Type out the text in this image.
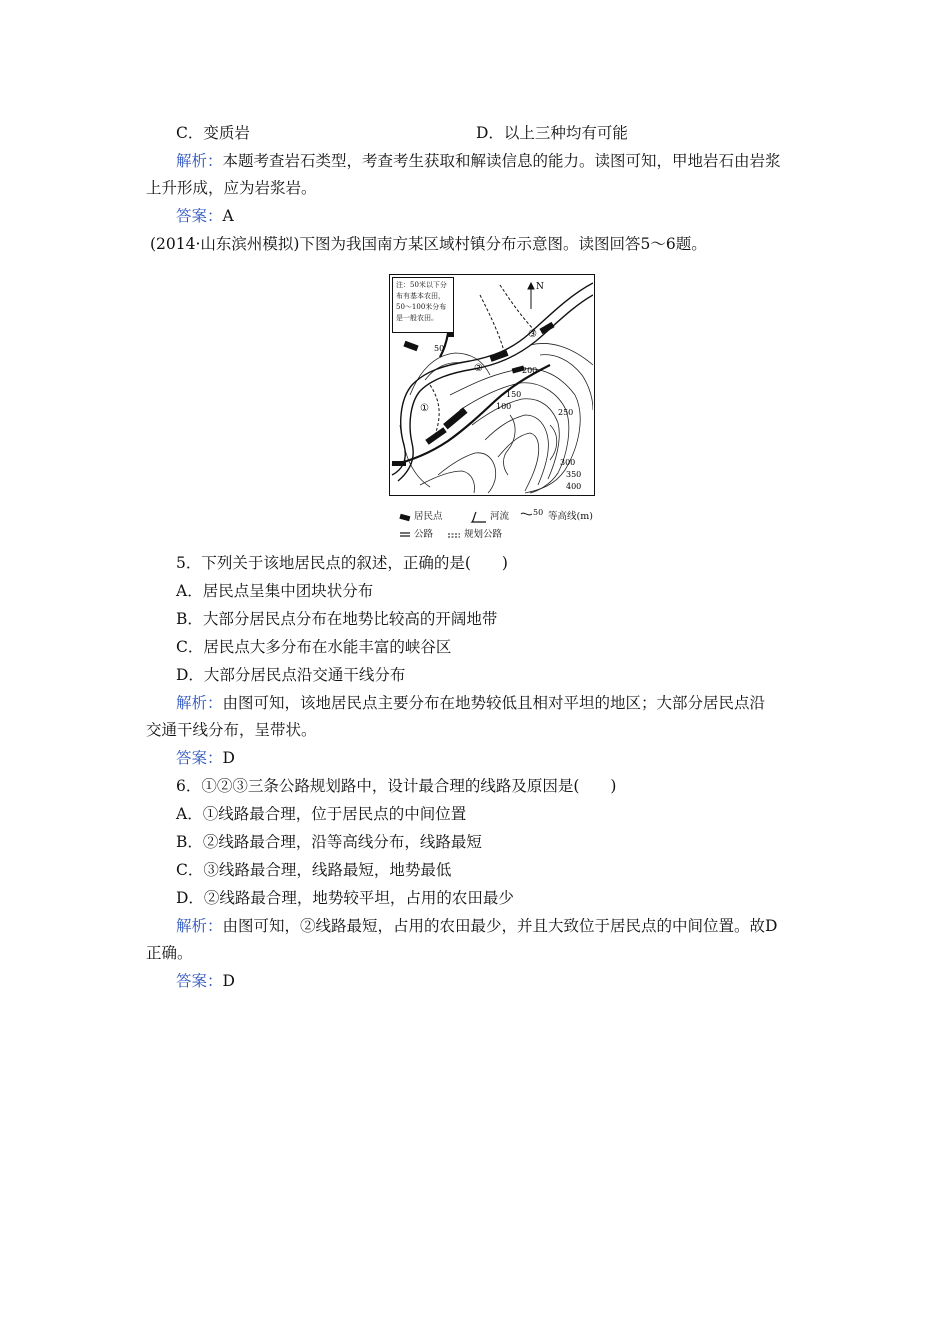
C．变质岩	D．以上三种均有可能
解析：本题考查岩石类型，考查考生获取和解读信息的能力。读图可知，甲地岩石由岩浆
上升形成，应为岩浆岩。
答案：A
(2014·山东滨州模拟)下图为我国南方某区域村镇分布示意图。读图回答5～6题。
N
①
②
③
50
200
150
100
250
300
350
400
注：50米以下分布有基本农田，50～100米分布是一般农田。
居民点	河流	50 等高线(m)
公路	规划公路
5．下列关于该地居民点的叙述，正确的是(　　)
A．居民点呈集中团块状分布
B．大部分居民点分布在地势比较高的开阔地带
C．居民点大多分布在水能丰富的峡谷区
D．大部分居民点沿交通干线分布
解析：由图可知，该地居民点主要分布在地势较低且相对平坦的地区；大部分居民点沿
交通干线分布，呈带状。
答案：D
6．①②③三条公路规划路中，设计最合理的线路及原因是(　　)
A．①线路最合理，位于居民点的中间位置
B．②线路最合理，沿等高线分布，线路最短
C．③线路最合理，线路最短，地势最低
D．②线路最合理，地势较平坦，占用的农田最少
解析：由图可知，②线路最短，占用的农田最少，并且大致位于居民点的中间位置。故D
正确。
答案：D
